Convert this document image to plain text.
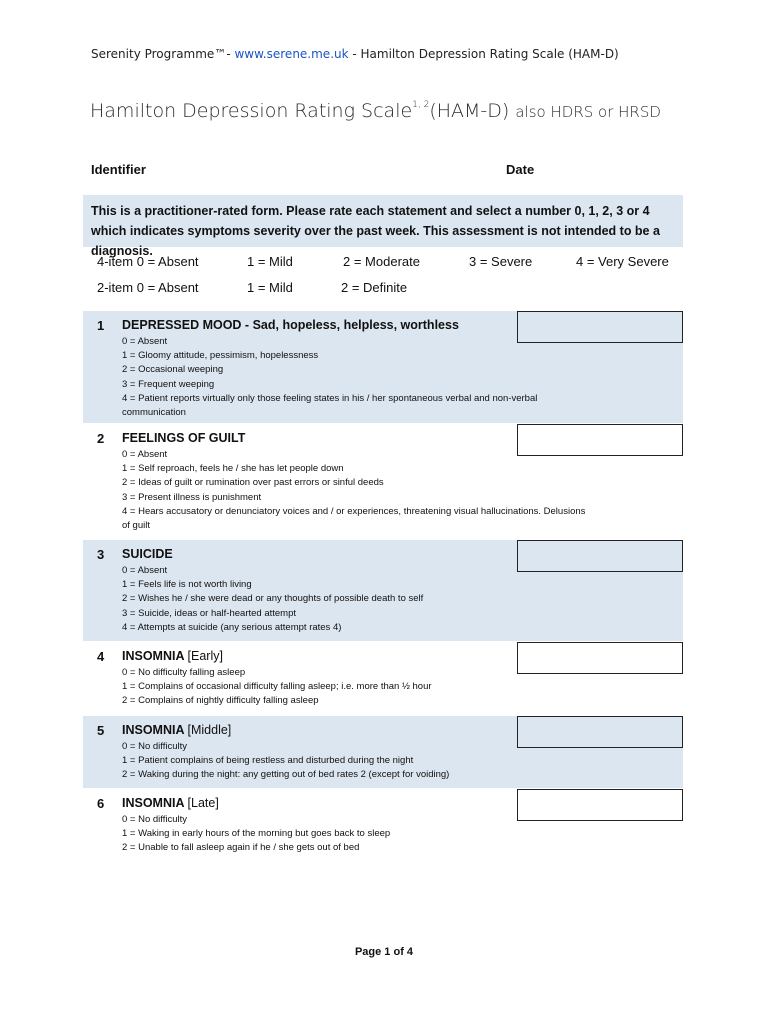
Serenity Programme™- www.serene.me.uk - Hamilton Depression Rating Scale (HAM-D)
Hamilton Depression Rating Scale$^{1, 2}$(HAM-D) also HDRS or HRSD
Identifier	Date
This is a practitioner-rated form. Please rate each statement and select a number 0, 1, 2, 3 or 4 which indicates symptoms severity over the past week. This assessment is not intended to be a diagnosis.
4-item 0 = Absent	1 = Mild	2 = Moderate	3 = Severe	4 = Very Severe
2-item 0 = Absent	1 = Mild	2 = Definite
1 DEPRESSED MOOD - Sad, hopeless, helpless, worthless
0 = Absent
1 = Gloomy attitude, pessimism, hopelessness
2 = Occasional weeping
3 = Frequent weeping
4 = Patient reports virtually only those feeling states in his / her spontaneous verbal and non-verbal communication
2 FEELINGS OF GUILT
0 = Absent
1 = Self reproach, feels he / she has let people down
2 = Ideas of guilt or rumination over past errors or sinful deeds
3 = Present illness is punishment
4 = Hears accusatory or denunciatory voices and / or experiences, threatening visual hallucinations. Delusions of guilt
3 SUICIDE
0 = Absent
1 = Feels life is not worth living
2 = Wishes he / she were dead or any thoughts of possible death to self
3 = Suicide, ideas or half-hearted attempt
4 = Attempts at suicide (any serious attempt rates 4)
4 INSOMNIA [Early]
0 = No difficulty falling asleep
1 = Complains of occasional difficulty falling asleep; i.e. more than ½ hour
2 = Complains of nightly difficulty falling asleep
5 INSOMNIA [Middle]
0 = No difficulty
1 = Patient complains of being restless and disturbed during the night
2 = Waking during the night: any getting out of bed rates 2 (except for voiding)
6 INSOMNIA [Late]
0 = No difficulty
1 = Waking in early hours of the morning but goes back to sleep
2 = Unable to fall asleep again if he / she gets out of bed
Page 1 of 4
